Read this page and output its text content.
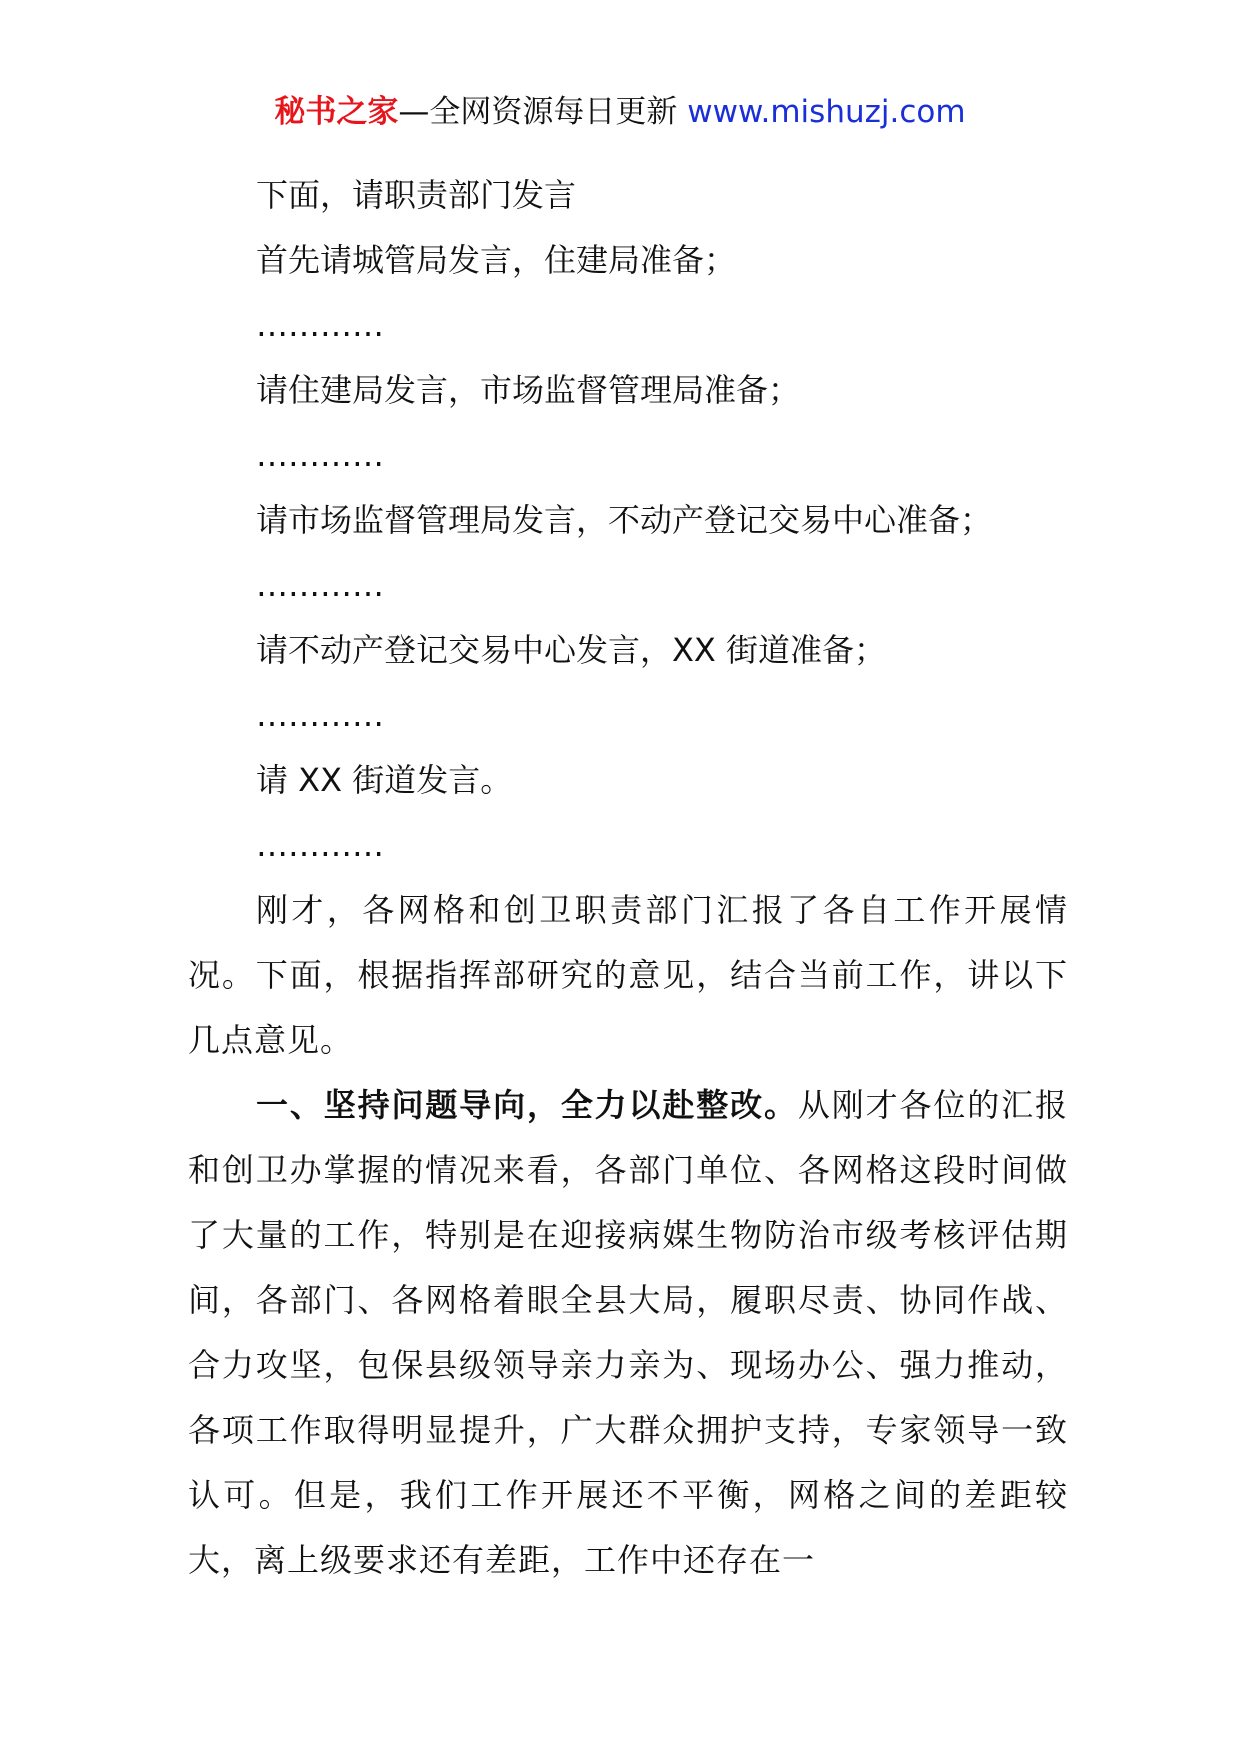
秘书之家—全网资源每日更新 www.mishuzj.com
下面，请职责部门发言
首先请城管局发言，住建局准备；
…………
请住建局发言，市场监督管理局准备；
…………
请市场监督管理局发言，不动产登记交易中心准备；
…………
请不动产登记交易中心发言，XX 街道准备；
…………
请 XX 街道发言。
…………

刚才，各网格和创卫职责部门汇报了各自工作开展情况。下面，根据指挥部研究的意见，结合当前工作，讲以下几点意见。

一、坚持问题导向，全力以赴整改。从刚才各位的汇报和创卫办掌握的情况来看，各部门单位、各网格这段时间做了大量的工作，特别是在迎接病媒生物防治市级考核评估期间，各部门、各网格着眼全县大局，履职尽责、协同作战、合力攻坚，包保县级领导亲力亲为、现场办公、强力推动，各项工作取得明显提升，广大群众拥护支持，专家领导一致认可。但是，我们工作开展还不平衡，网格之间的差距较大，离上级要求还有差距，工作中还存在一
